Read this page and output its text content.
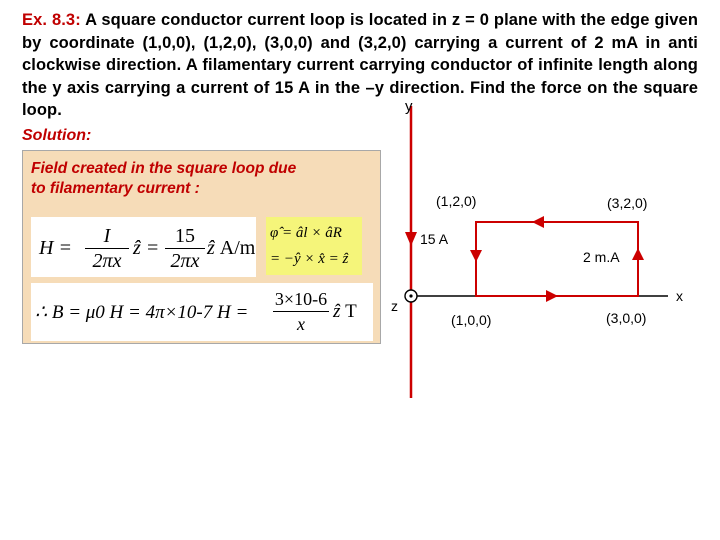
Ex. 8.3: A square conductor current loop is located in z = 0 plane with the edge given by coordinate (1,0,0), (1,2,0), (3,0,0) and (3,2,0) carrying a current of 2 mA in anti clockwise direction. A filamentary current carrying conductor of infinite length along the y axis carrying a current of 15 A in the –y direction. Find the force on the square loop.
Solution:
Field created in the square loop due
to filamentary current :
H =
I
2πx
ẑ =
15
2πx
ẑ A/m
φ̂ = âl × âR
= −ŷ × x̂ = ẑ
∴ B = μ0 H = 4π×10-7 H =
3×10-6
x
ẑ T
y
x
z
(1,2,0)	(3,2,0)
(1,0,0)	(3,0,0)
15 A
2 m.A
